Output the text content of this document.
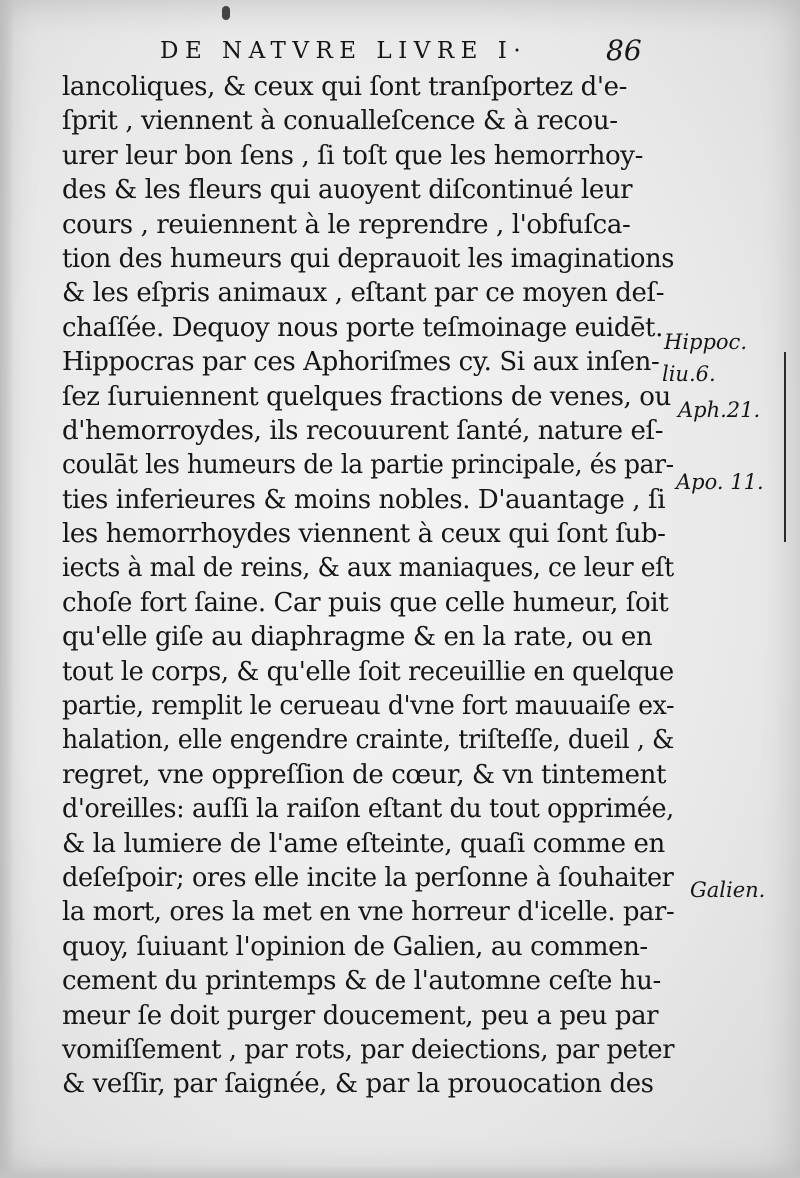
DE NATVRE LIVRE I·	86
lancoliques, & ceux qui ſont tranſportez d'e-
ſprit , viennent à conualleſcence & à recou-
urer leur bon ſens , ſi toſt que les hemorrhoy-
des & les fleurs qui auoyent diſcontinué leur
cours , reuiennent à le reprendre , l'obfuſca-
tion des humeurs qui deprauoit les imaginations
& les eſpris animaux , eſtant par ce moyen deſ-
chaſſée. Dequoy nous porte teſmoinage euidēt.
Hippocras par ces Aphoriſmes cy. Si aux inſen-
ſez ſuruiennent quelques fractions de venes, ou
d'hemorroydes, ils recouurent ſanté, nature eſ-
coulāt les humeurs de la partie principale, és par-
ties inferieures & moins nobles. D'auantage , ſi
les hemorrhoydes viennent à ceux qui ſont ſub-
iects à mal de reins, & aux maniaques, ce leur eſt
choſe fort ſaine. Car puis que celle humeur, ſoit
qu'elle giſe au diaphragme & en la rate, ou en
tout le corps, & qu'elle ſoit receuillie en quelque
partie, remplit le cerueau d'vne fort mauuaiſe ex-
halation, elle engendre crainte, triſteſſe, dueil , &
regret, vne oppreſſion de cœur, & vn tintement
d'oreilles: auſſi la raiſon eſtant du tout opprimée,
& la lumiere de l'ame eſteinte, quaſi comme en
deſeſpoir; ores elle incite la perſonne à ſouhaiter
la mort, ores la met en vne horreur d'icelle. par-
quoy, ſuiuant l'opinion de Galien, au commen-
cement du printemps & de l'automne ceſte hu-
meur ſe doit purger doucement, peu a peu par
vomiſſement , par rots, par deiections, par peter
& veſſir, par ſaignée, & par la prouocation des
Hippoc.
liu.6.
Aph.21.
Apo. 11.
Galien.
